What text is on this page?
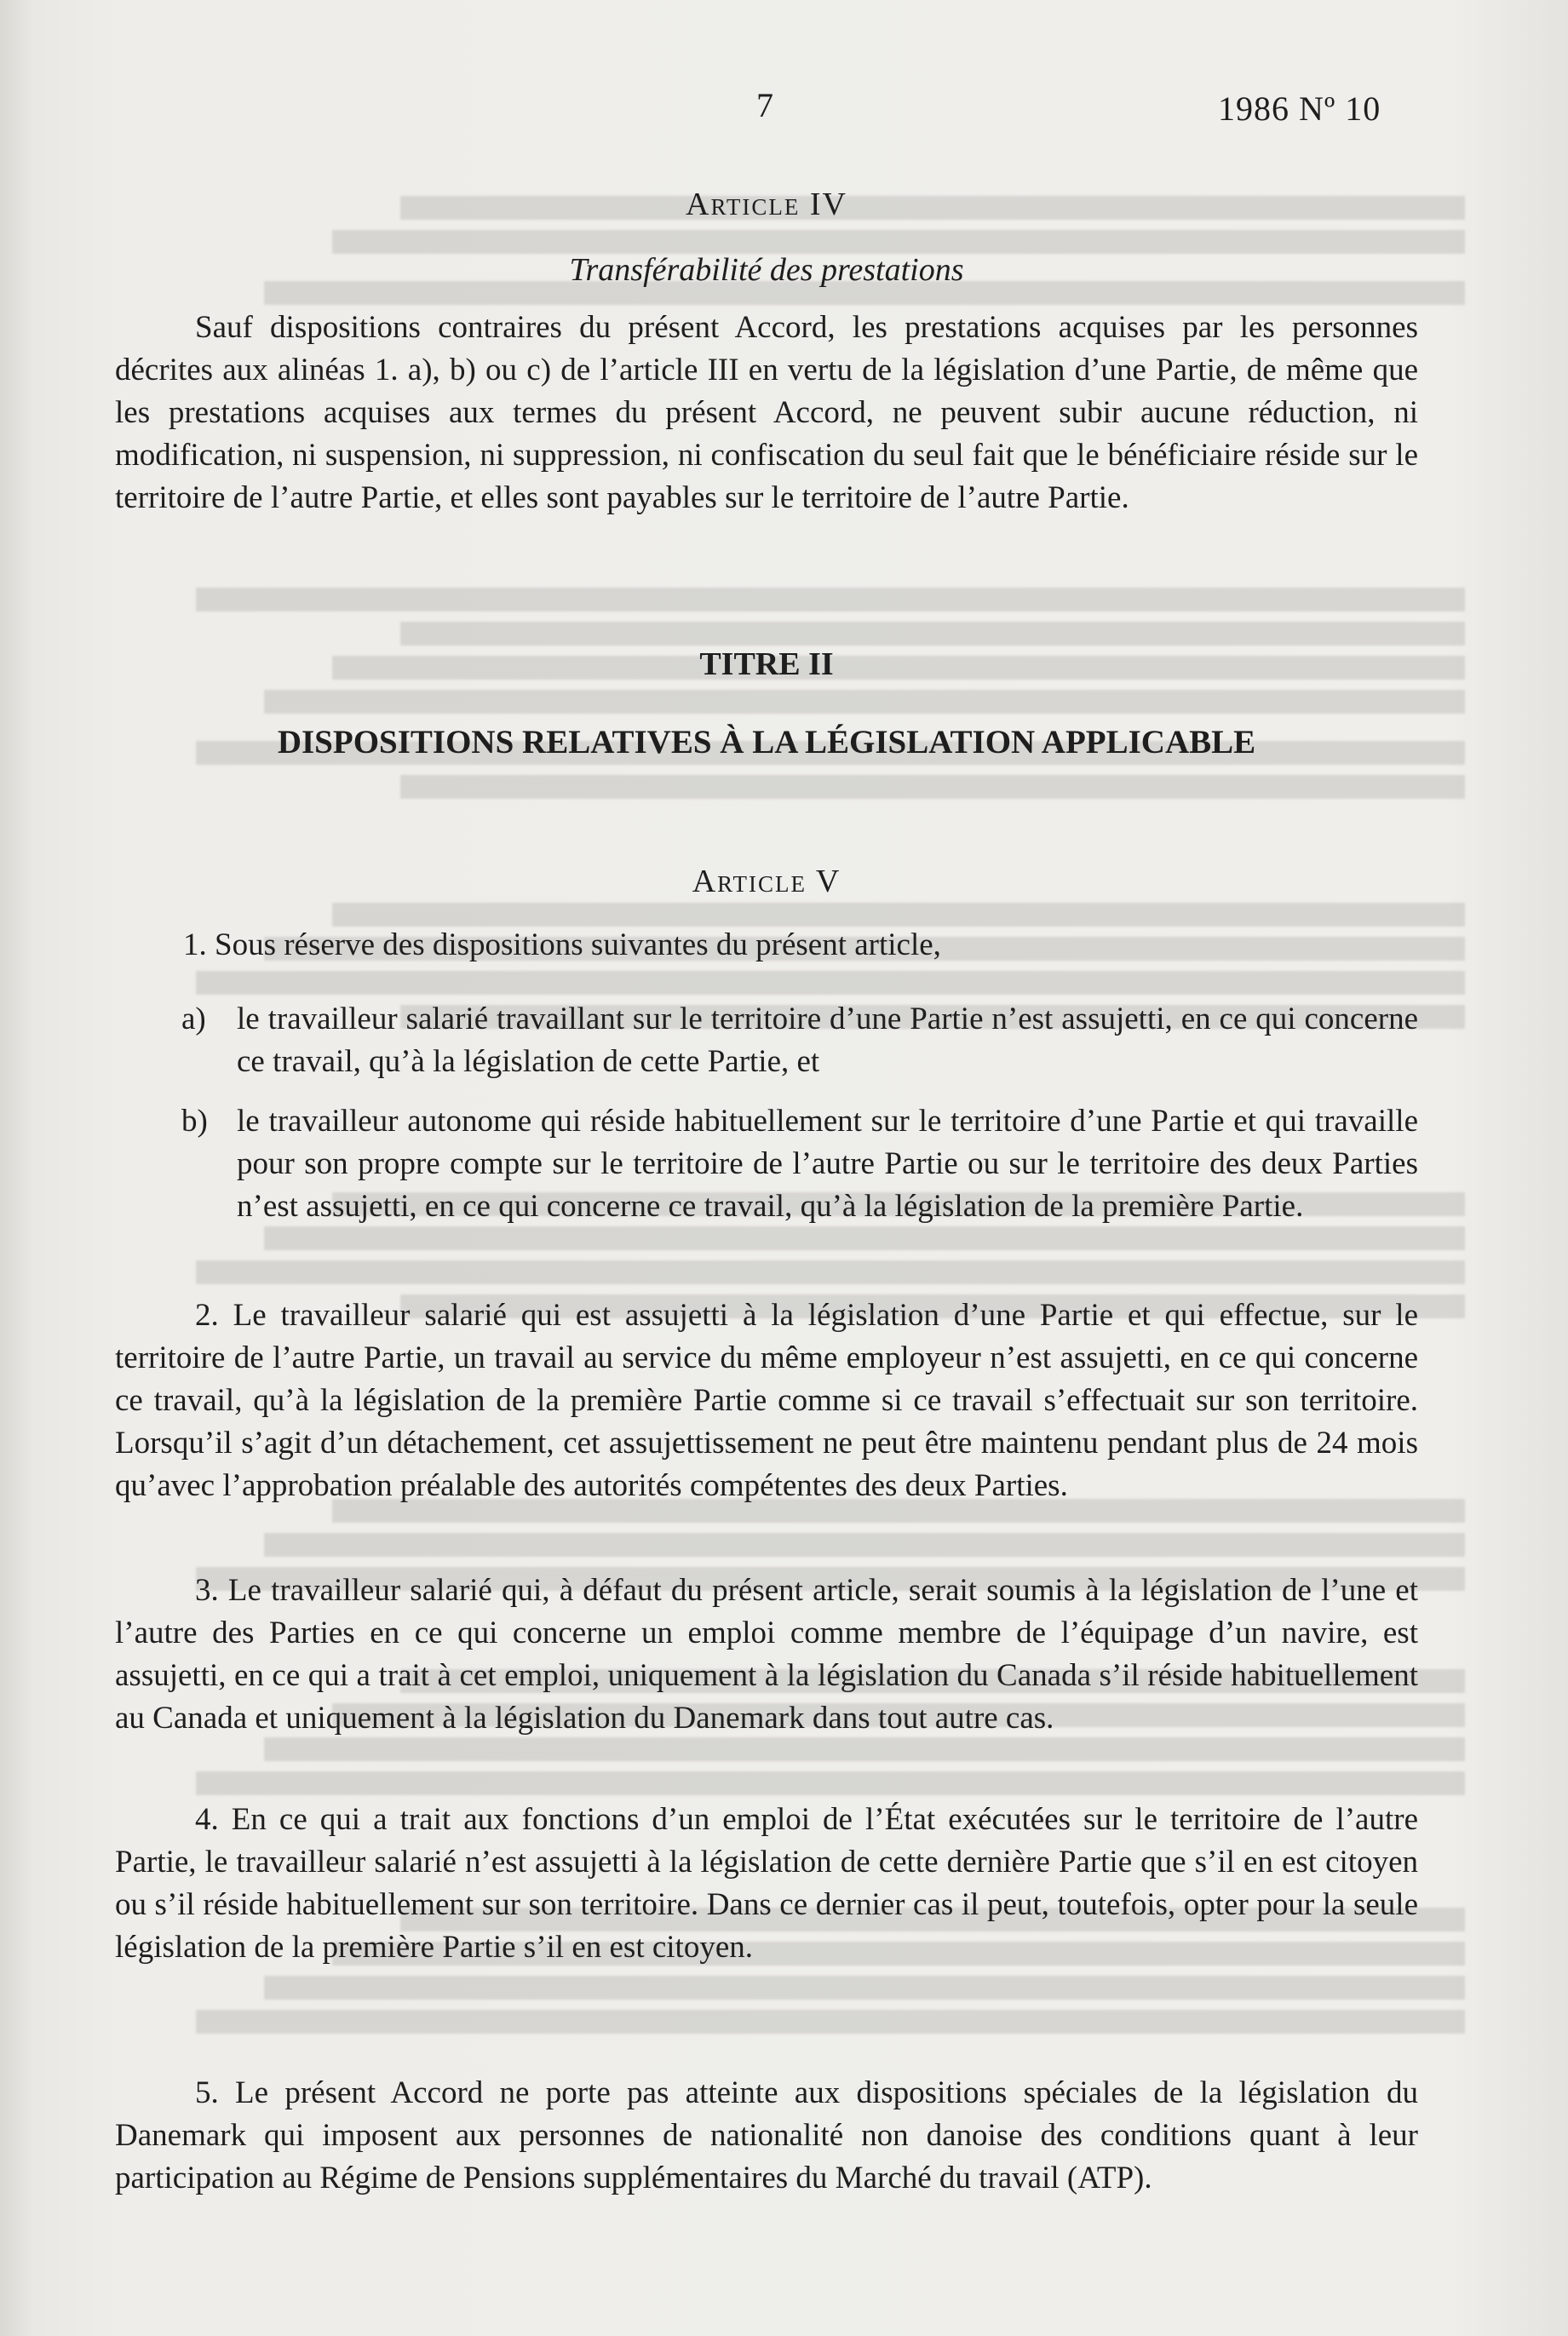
7	1986 Nº 10
Article IV
Transférabilité des prestations

Sauf dispositions contraires du présent Accord, les prestations acquises par les personnes décrites aux alinéas 1. a), b) ou c) de l’article III en vertu de la législation d’une Partie, de même que les prestations acquises aux termes du présent Accord, ne peuvent subir aucune réduction, ni modification, ni suspension, ni suppression, ni confiscation du seul fait que le bénéficiaire réside sur le territoire de l’autre Partie, et elles sont payables sur le territoire de l’autre Partie.

TITRE II
DISPOSITIONS RELATIVES À LA LÉGISLATION APPLICABLE
Article V

1. Sous réserve des dispositions suivantes du présent article,

a) le travailleur salarié travaillant sur le territoire d’une Partie n’est assujetti, en ce qui concerne ce travail, qu’à la législation de cette Partie, et
b) le travailleur autonome qui réside habituellement sur le territoire d’une Partie et qui travaille pour son propre compte sur le territoire de l’autre Partie ou sur le territoire des deux Parties n’est assujetti, en ce qui concerne ce travail, qu’à la législation de la première Partie.

2. Le travailleur salarié qui est assujetti à la législation d’une Partie et qui effectue, sur le territoire de l’autre Partie, un travail au service du même employeur n’est assujetti, en ce qui concerne ce travail, qu’à la législation de la première Partie comme si ce travail s’effectuait sur son territoire. Lorsqu’il s’agit d’un détachement, cet assujettissement ne peut être maintenu pendant plus de 24 mois qu’avec l’approbation préalable des autorités compétentes des deux Parties.

3. Le travailleur salarié qui, à défaut du présent article, serait soumis à la législation de l’une et l’autre des Parties en ce qui concerne un emploi comme membre de l’équipage d’un navire, est assujetti, en ce qui a trait à cet emploi, uniquement à la législation du Canada s’il réside habituellement au Canada et uniquement à la législation du Danemark dans tout autre cas.

4. En ce qui a trait aux fonctions d’un emploi de l’État exécutées sur le territoire de l’autre Partie, le travailleur salarié n’est assujetti à la législation de cette dernière Partie que s’il en est citoyen ou s’il réside habituellement sur son territoire. Dans ce dernier cas il peut, toutefois, opter pour la seule législation de la première Partie s’il en est citoyen.

5. Le présent Accord ne porte pas atteinte aux dispositions spéciales de la législation du Danemark qui imposent aux personnes de nationalité non danoise des conditions quant à leur participation au Régime de Pensions supplémentaires du Marché du travail (ATP).
